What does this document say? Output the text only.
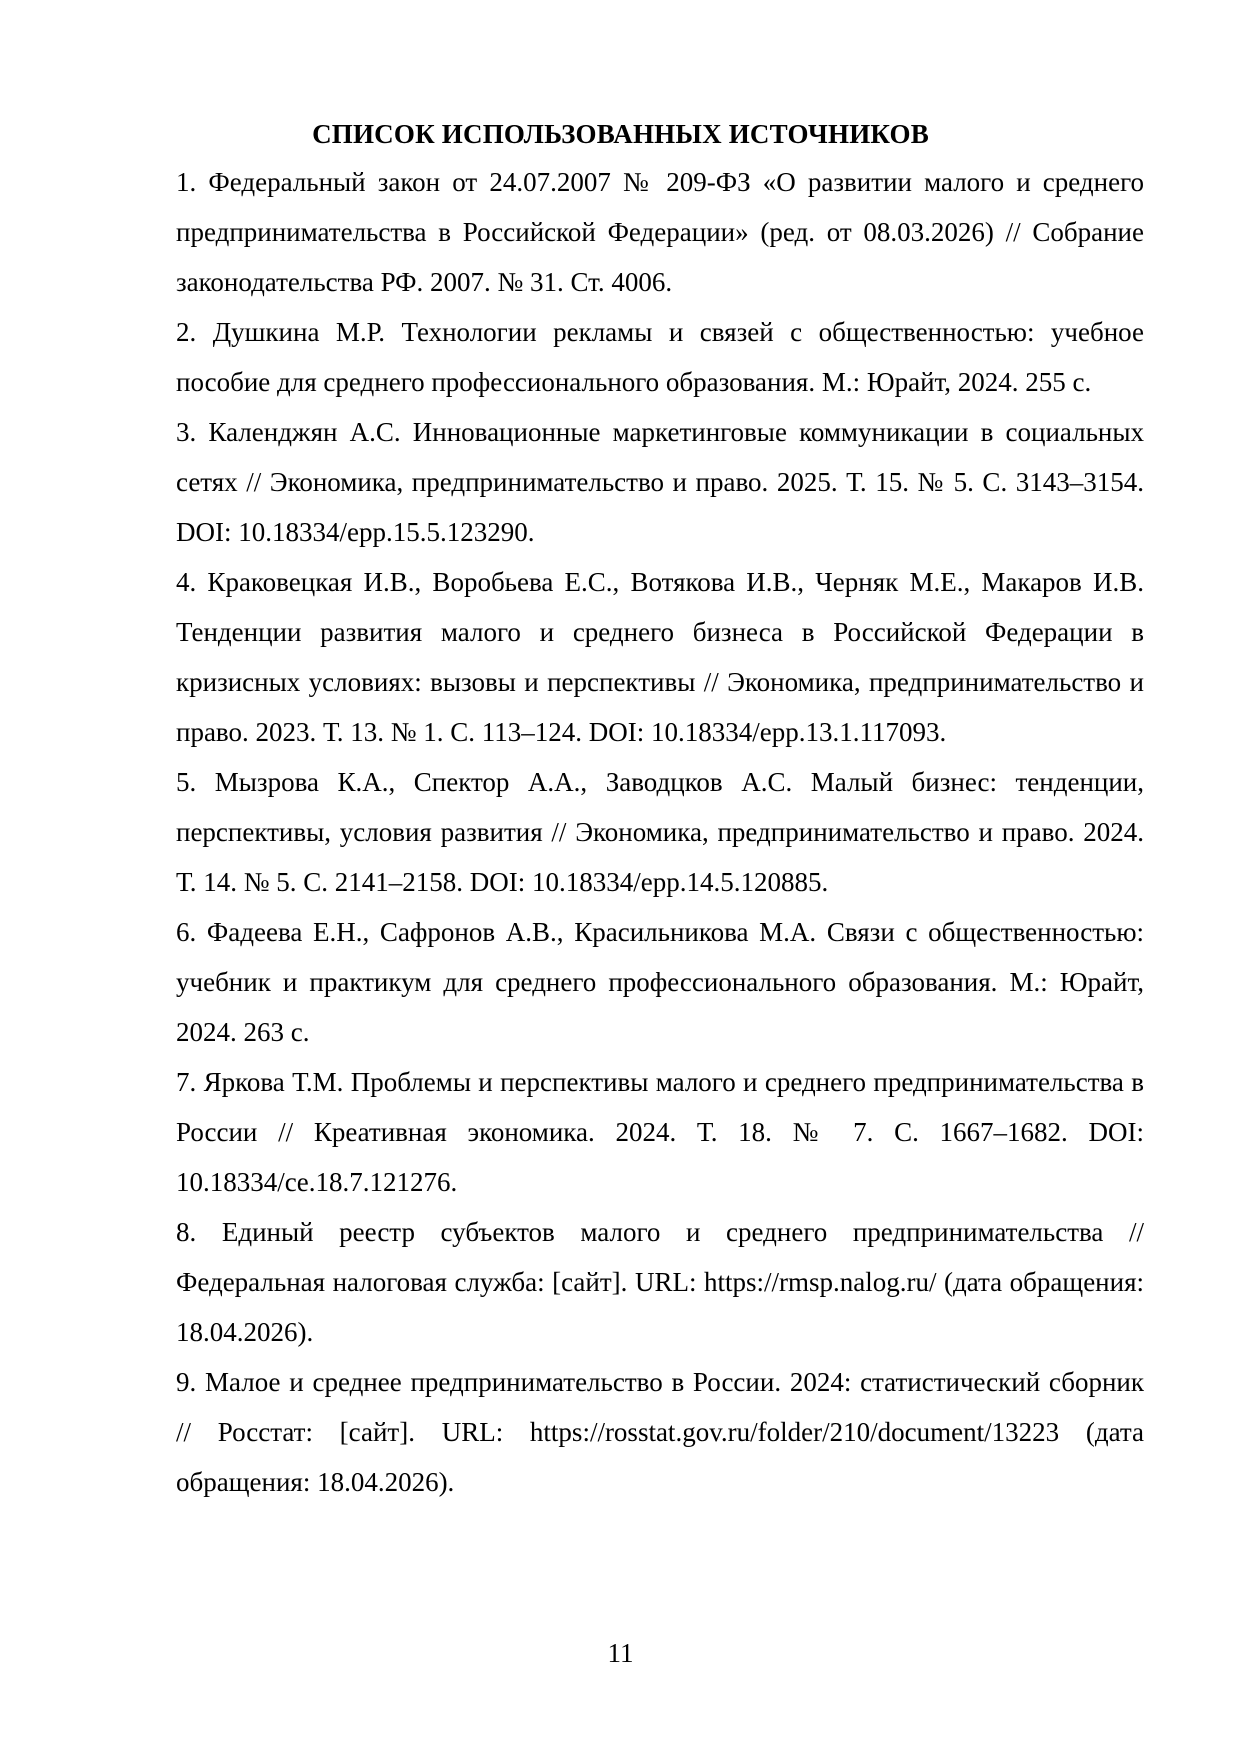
СПИСОК ИСПОЛЬЗОВАННЫХ ИСТОЧНИКОВ
1. Федеральный закон от 24.07.2007 № 209-ФЗ «О развитии малого и среднего предпринимательства в Российской Федерации» (ред. от 08.03.2026) // Собрание законодательства РФ. 2007. № 31. Ст. 4006.
2. Душкина М.Р. Технологии рекламы и связей с общественностью: учебное пособие для среднего профессионального образования. М.: Юрайт, 2024. 255 с.
3. Календжян А.С. Инновационные маркетинговые коммуникации в социальных сетях // Экономика, предпринимательство и право. 2025. Т. 15. № 5. С. 3143–3154. DOI: 10.18334/epp.15.5.123290.
4. Краковецкая И.В., Воробьева Е.С., Вотякова И.В., Черняк М.Е., Макаров И.В. Тенденции развития малого и среднего бизнеса в Российской Федерации в кризисных условиях: вызовы и перспективы // Экономика, предпринимательство и право. 2023. Т. 13. № 1. С. 113–124. DOI: 10.18334/epp.13.1.117093.
5. Мызрова К.А., Спектор А.А., Заводцков А.С. Малый бизнес: тенденции, перспективы, условия развития // Экономика, предпринимательство и право. 2024. Т. 14. № 5. С. 2141–2158. DOI: 10.18334/epp.14.5.120885.
6. Фадеева Е.Н., Сафронов А.В., Красильникова М.А. Связи с общественностью: учебник и практикум для среднего профессионального образования. М.: Юрайт, 2024. 263 с.
7. Яркова Т.М. Проблемы и перспективы малого и среднего предпринимательства в России // Креативная экономика. 2024. Т. 18. № 7. С. 1667–1682. DOI: 10.18334/ce.18.7.121276.
8. Единый реестр субъектов малого и среднего предпринимательства // Федеральная налоговая служба: [сайт]. URL: https://rmsp.nalog.ru/ (дата обращения: 18.04.2026).
9. Малое и среднее предпринимательство в России. 2024: статистический сборник // Росстат: [сайт]. URL: https://rosstat.gov.ru/folder/210/document/13223 (дата обращения: 18.04.2026).
11
